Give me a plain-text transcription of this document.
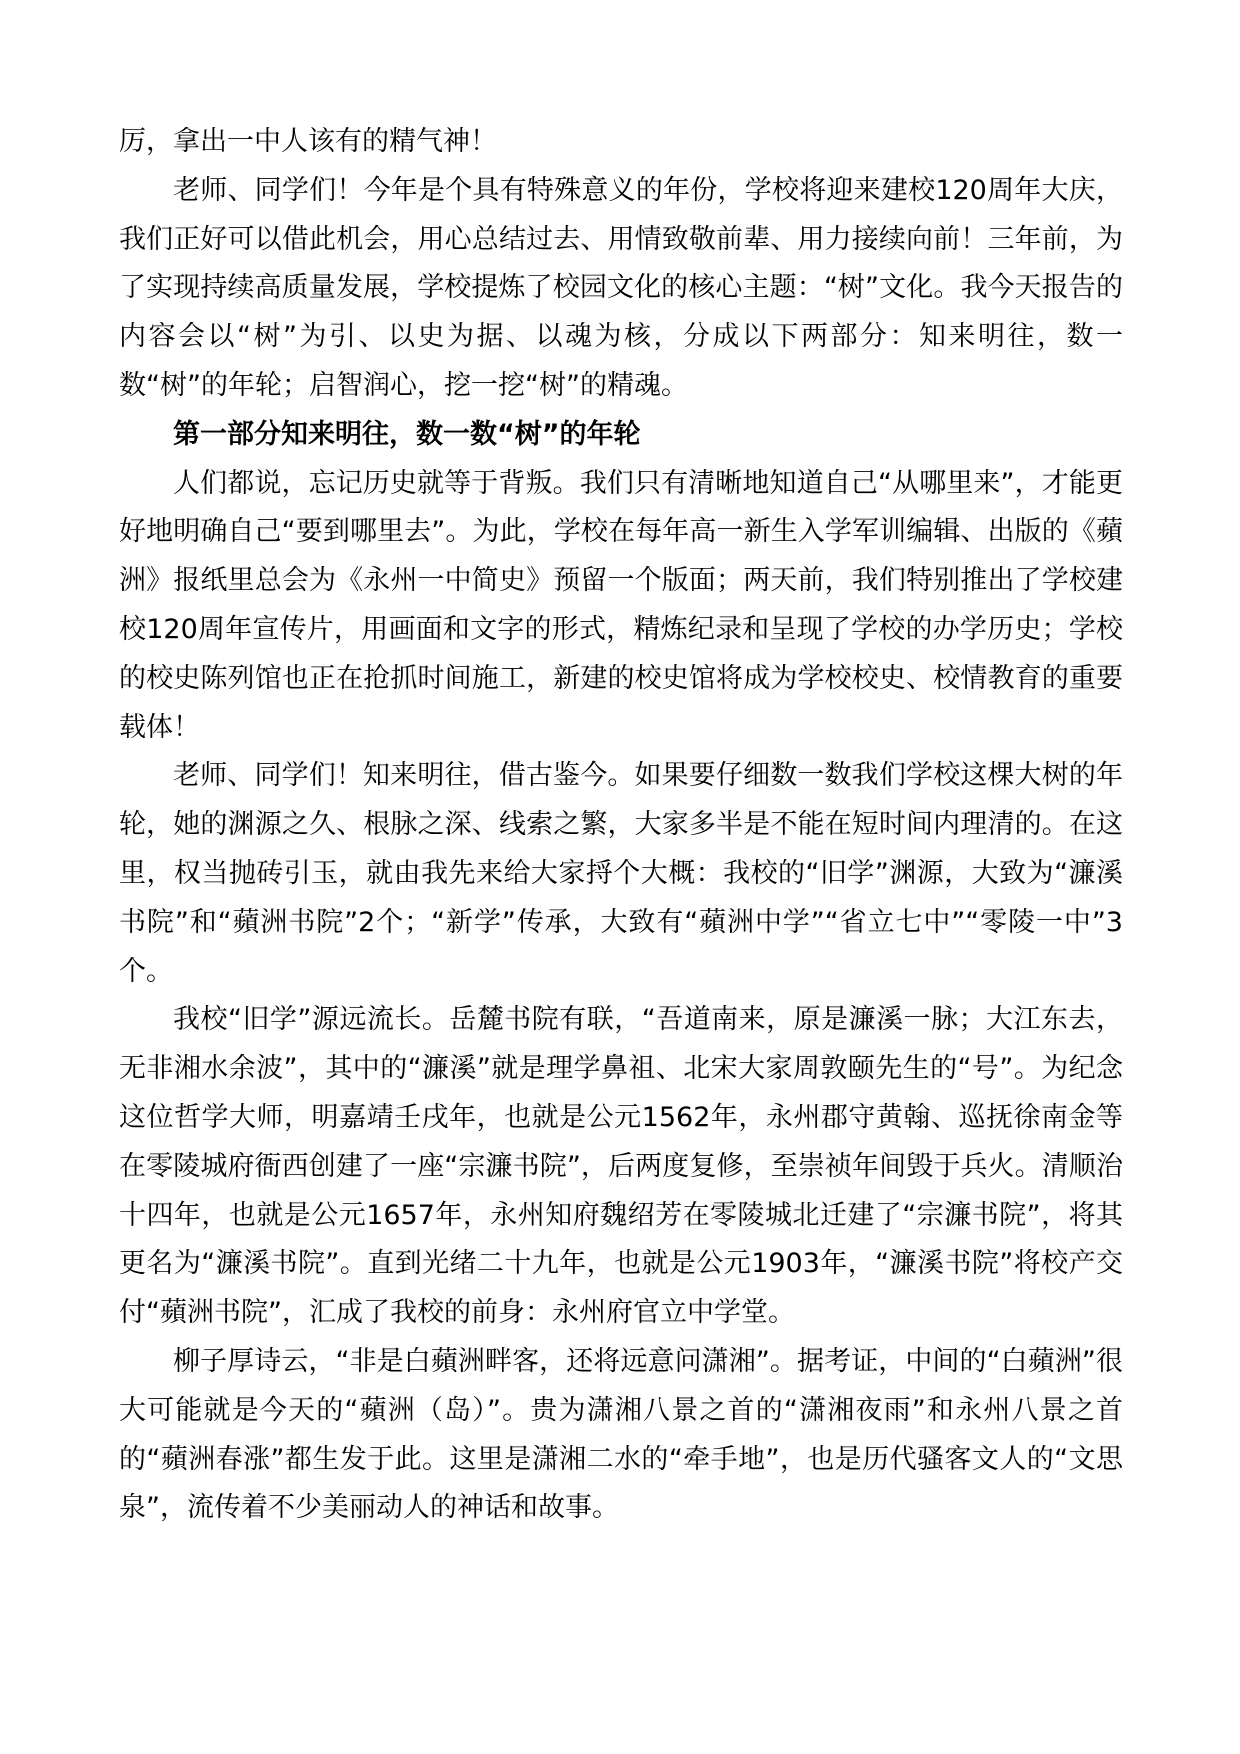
厉，拿出一中人该有的精气神！

老师、同学们！今年是个具有特殊意义的年份，学校将迎来建校120周年大庆，我们正好可以借此机会，用心总结过去、用情致敬前辈、用力接续向前！三年前，为了实现持续高质量发展，学校提炼了校园文化的核心主题：“树”文化。我今天报告的内容会以“树”为引、以史为据、以魂为核，分成以下两部分：知来明往，数一数“树”的年轮；启智润心，挖一挖“树”的精魂。

第一部分知来明往，数一数“树”的年轮

人们都说，忘记历史就等于背叛。我们只有清晰地知道自己“从哪里来”，才能更好地明确自己“要到哪里去”。为此，学校在每年高一新生入学军训编辑、出版的《蘋洲》报纸里总会为《永州一中简史》预留一个版面；两天前，我们特别推出了学校建校120周年宣传片，用画面和文字的形式，精炼纪录和呈现了学校的办学历史；学校的校史陈列馆也正在抢抓时间施工，新建的校史馆将成为学校校史、校情教育的重要载体！

老师、同学们！知来明往，借古鉴今。如果要仔细数一数我们学校这棵大树的年轮，她的渊源之久、根脉之深、线索之繁，大家多半是不能在短时间内理清的。在这里，权当抛砖引玉，就由我先来给大家捋个大概：我校的“旧学”渊源，大致为“濂溪书院”和“蘋洲书院”2个；“新学”传承，大致有“蘋洲中学”“省立七中”“零陵一中”3个。

我校“旧学”源远流长。岳麓书院有联，“吾道南来，原是濂溪一脉；大江东去，无非湘水余波”，其中的“濂溪”就是理学鼻祖、北宋大家周敦颐先生的“号”。为纪念这位哲学大师，明嘉靖壬戌年，也就是公元1562年，永州郡守黄翰、巡抚徐南金等在零陵城府衙西创建了一座“宗濂书院”，后两度复修，至崇祯年间毁于兵火。清顺治十四年，也就是公元1657年，永州知府魏绍芳在零陵城北迁建了“宗濂书院”，将其更名为“濂溪书院”。直到光绪二十九年，也就是公元1903年，“濂溪书院”将校产交付“蘋洲书院”，汇成了我校的前身：永州府官立中学堂。

柳子厚诗云，“非是白蘋洲畔客，还将远意问潇湘”。据考证，中间的“白蘋洲”很大可能就是今天的“蘋洲（岛）”。贵为潇湘八景之首的“潇湘夜雨”和永州八景之首的“蘋洲春涨”都生发于此。这里是潇湘二水的“牵手地”，也是历代骚客文人的“文思泉”，流传着不少美丽动人的神话和故事。
